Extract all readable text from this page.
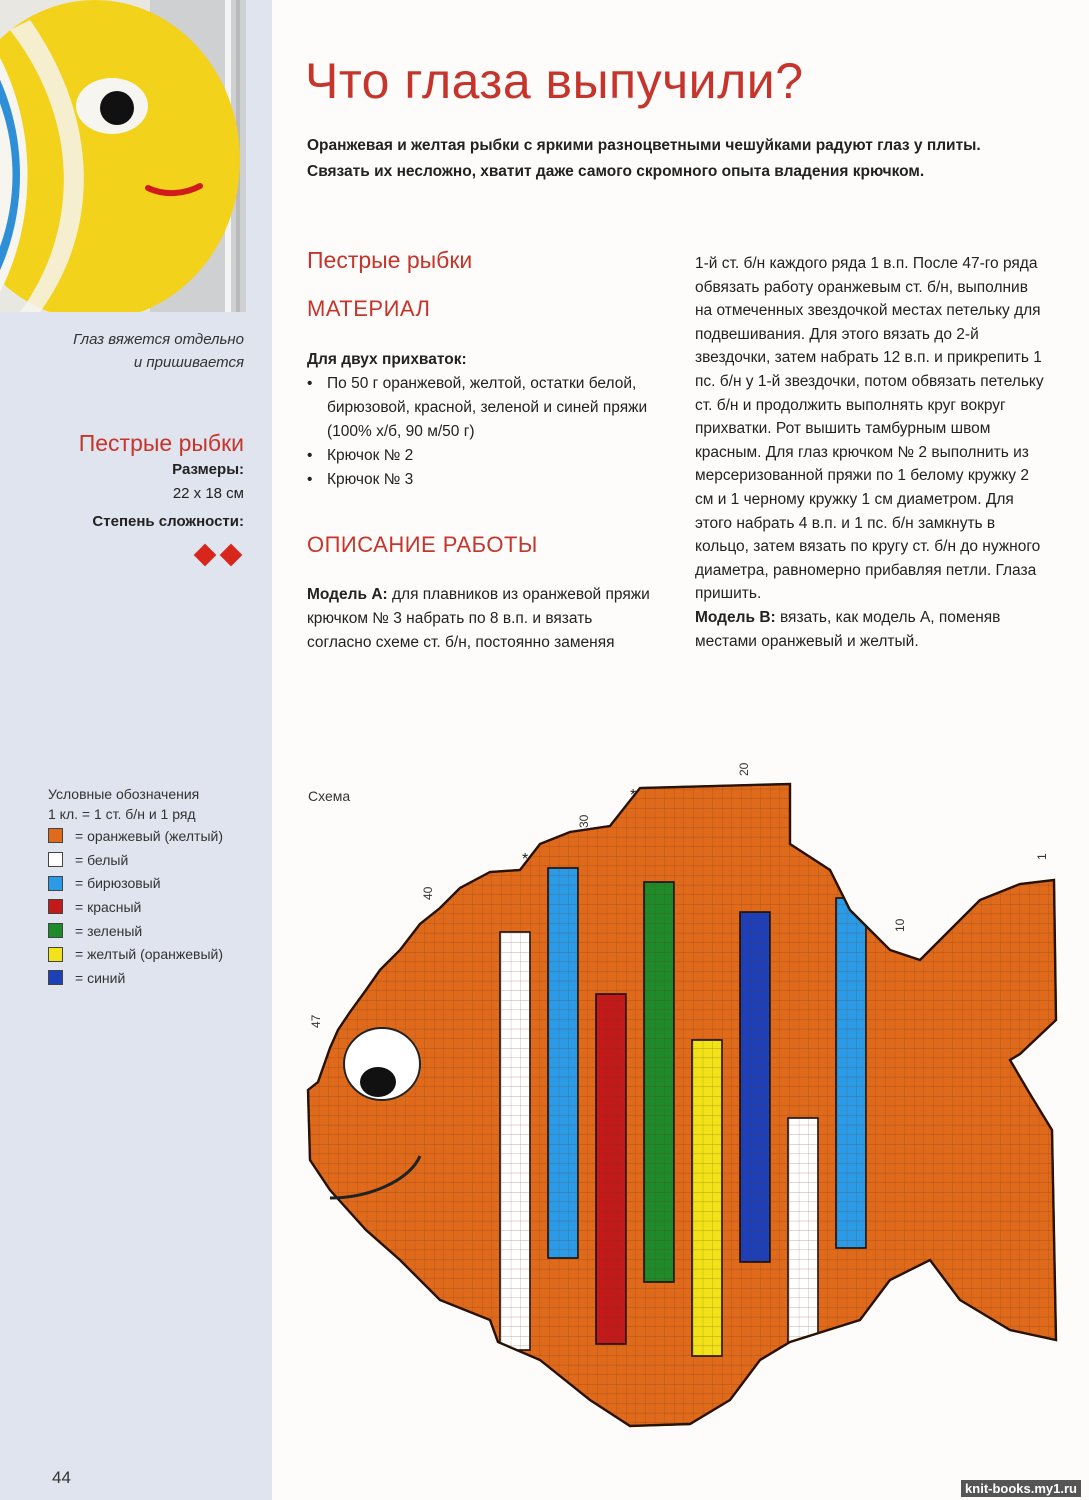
Глаз вяжется отдельно
и пришивается
Пестрые рыбки
Размеры:
22 x 18 см
Степень сложности:
Условные обозначения
1 кл. = 1 ст. б/н и 1 ряд
= оранжевый (желтый)
= белый
= бирюзовый
= красный
= зеленый
= желтый (оранжевый)
= синий
Что глаза выпучили?
Оранжевая и желтая рыбки с яркими разноцветными чешуйками радуют глаз у плиты. Связать их несложно, хватит даже самого скромного опыта владения крючком.
Пестрые рыбки
МАТЕРИАЛ
Для двух прихваток:
• По 50 г оранжевой, желтой, остатки белой, бирюзовой, красной, зеленой и синей пряжи (100% х/б, 90 м/50 г)
• Крючок № 2
• Крючок № 3
ОПИСАНИЕ РАБОТЫ
Модель А: для плавников из оранжевой пряжи крючком № 3 набрать по 8 в.п. и вязать согласно схеме ст. б/н, постоянно заменяя
1-й ст. б/н каждого ряда 1 в.п. После 47-го ряда обвязать работу оранжевым ст. б/н, выполнив на отмеченных звездочкой местах петельку для подвешивания. Для этого вязать до 2-й звездочки, затем набрать 12 в.п. и прикрепить 1 пс. б/н у 1-й звездочки, потом обвязать петельку ст. б/н и продолжить выполнять круг вокруг прихватки. Рот вышить тамбурным швом красным. Для глаз крючком № 2 выполнить из мерсеризованной пряжи по 1 белому кружку 2 см и 1 черному кружку 1 см диаметром. Для этого набрать 4 в.п. и 1 пс. б/н замкнуть в кольцо, затем вязать по кругу ст. б/н до нужного диаметра, равномерно прибавляя петли. Глаза пришить.
Модель В: вязать, как модель А, поменяв местами оранжевый и желтый.
Схема
1
10
20
30
40
47
*
*
44
knit-books.my1.ru
